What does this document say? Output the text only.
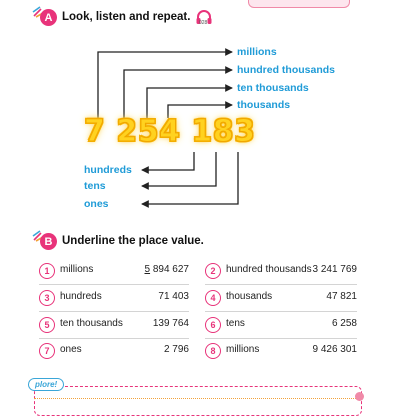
A Look, listen and repeat. 028
millions
hundred thousands
ten thousands
thousands
7 254 183
hundreds
tens
ones
B Underline the place value.
1	millions	5 894 627	2	hundred thousands 3 241 769
3	hundreds	71 403	4	thousands	47 821
5	ten thousands	139 764	6	tens	6 258
7	ones	2 796	8	millions	9 426 301
plore!
